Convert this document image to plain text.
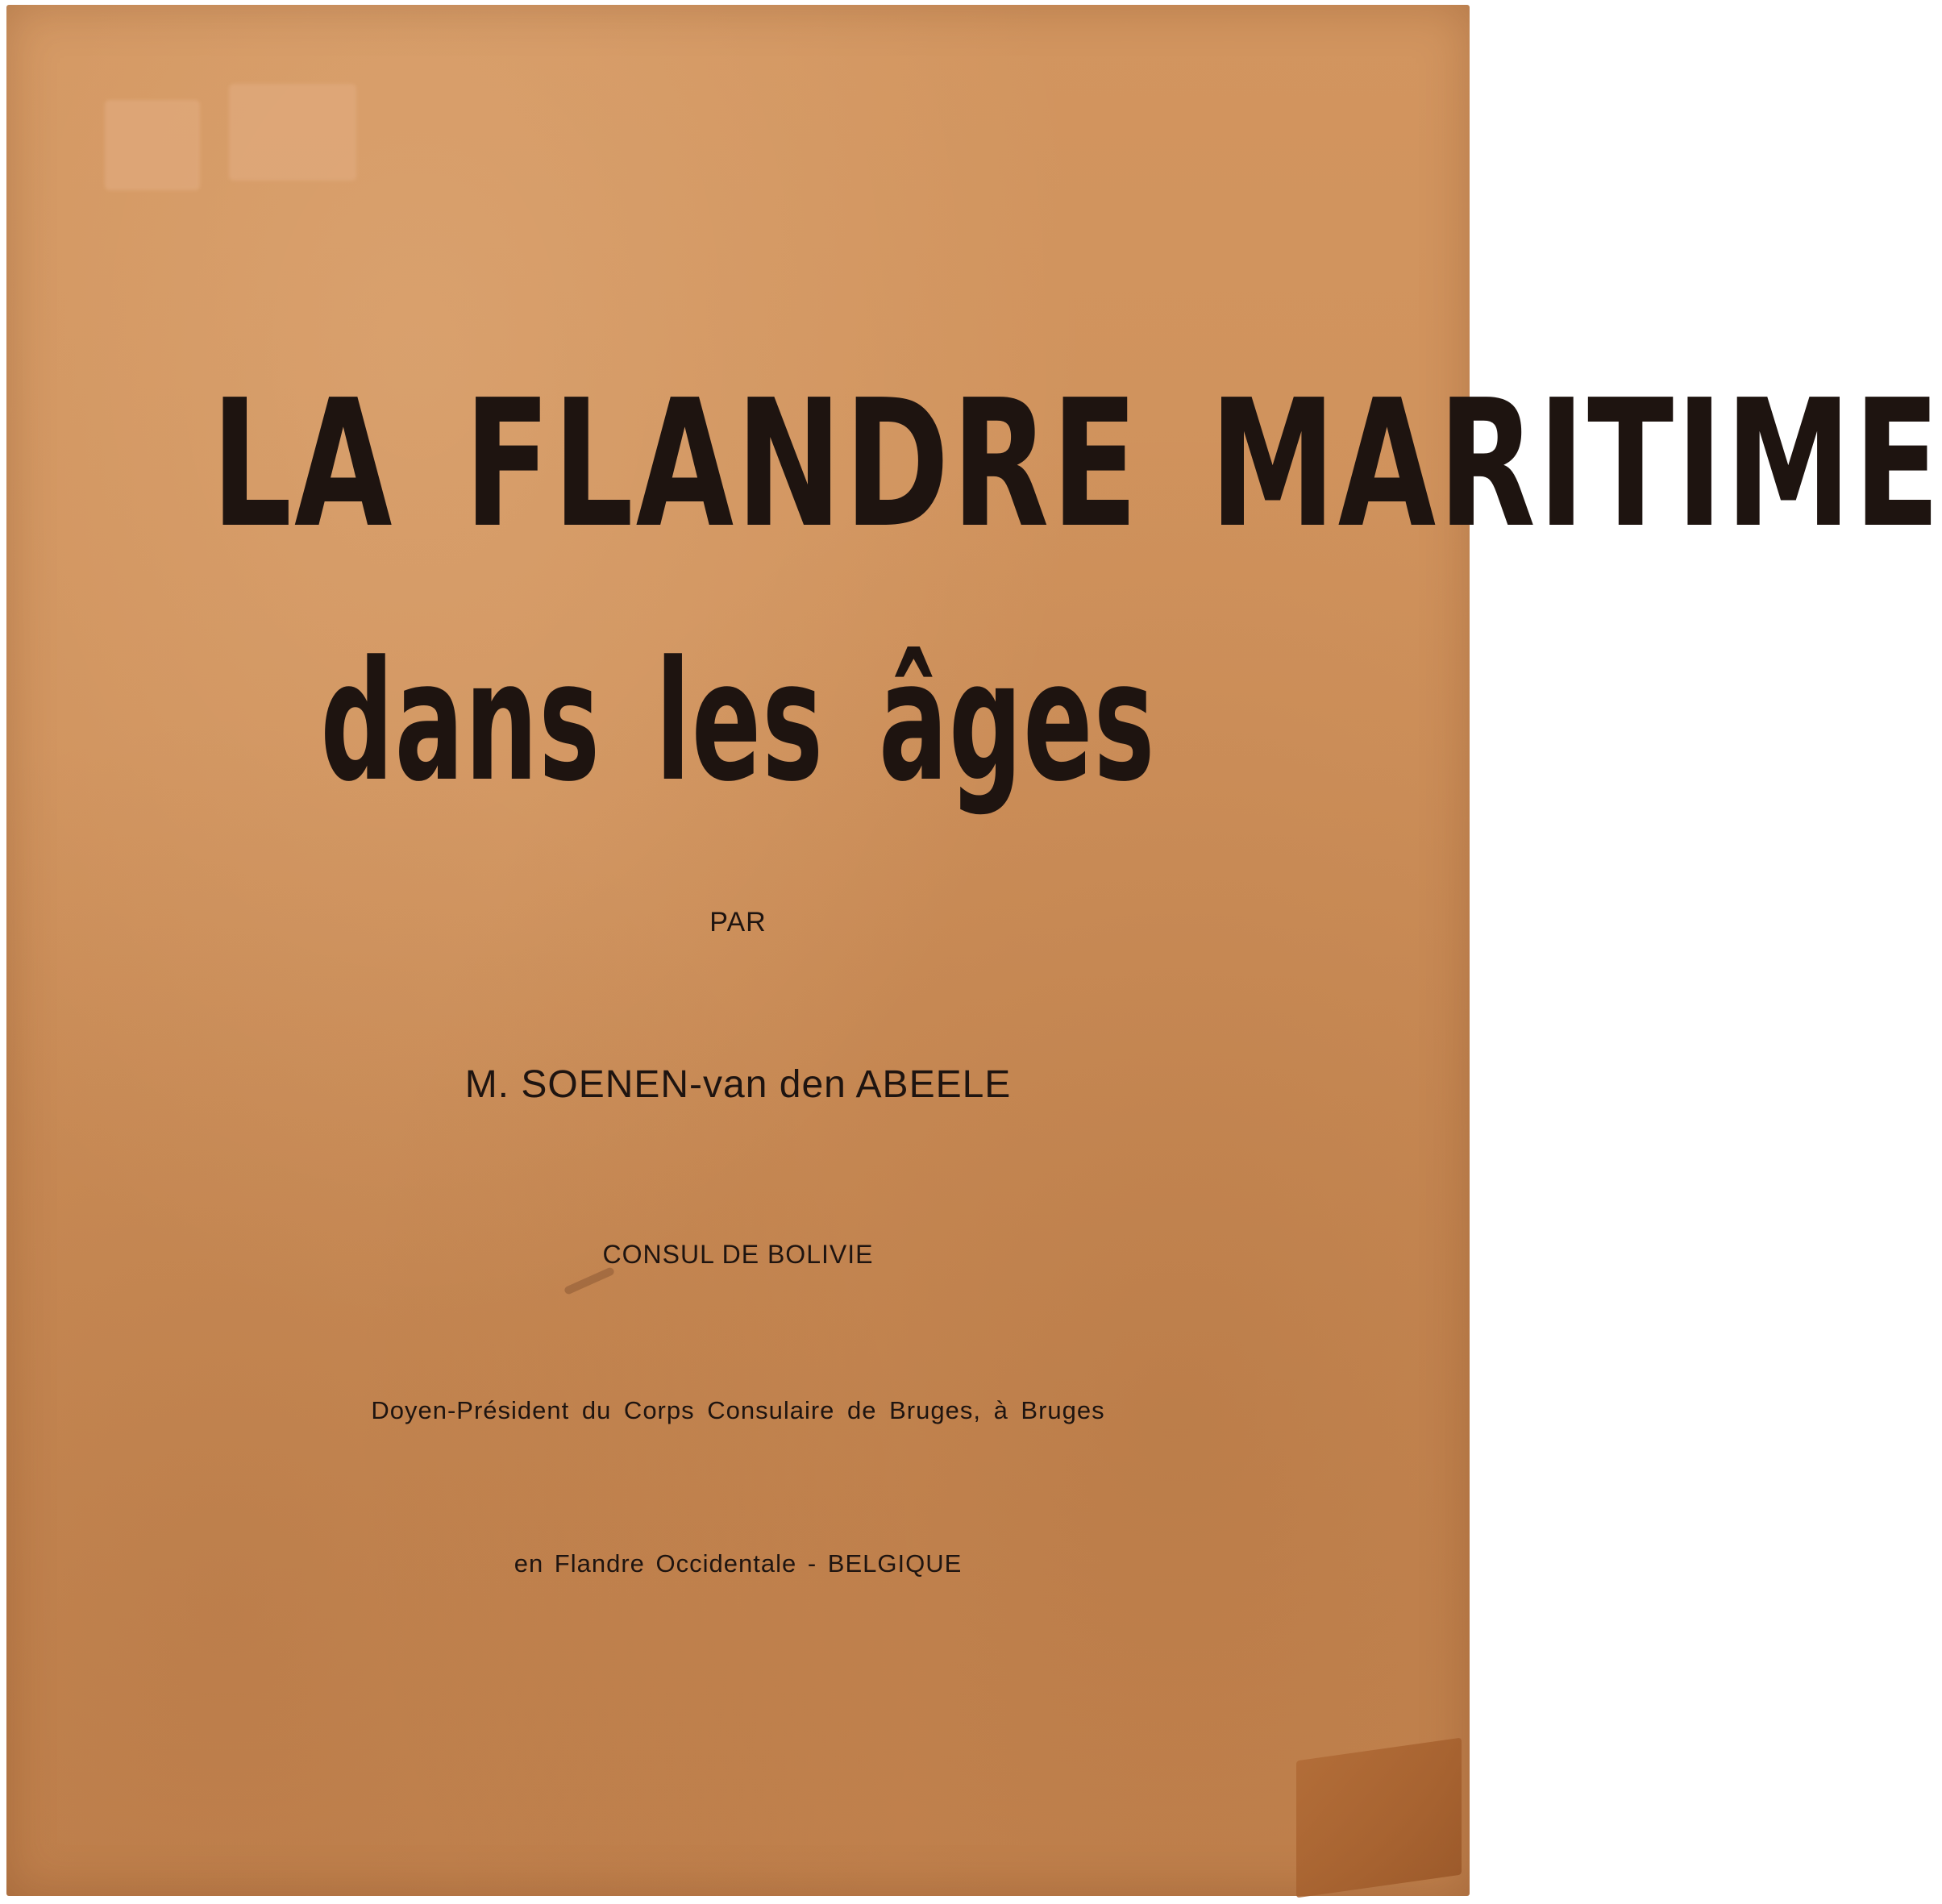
LA FLANDRE MARITIME
dans les âges

PAR

M. SOENEN-van den ABEELE

CONSUL DE BOLIVIE

Doyen-Président du Corps Consulaire de Bruges, à Bruges

en Flandre Occidentale - BELGIQUE
